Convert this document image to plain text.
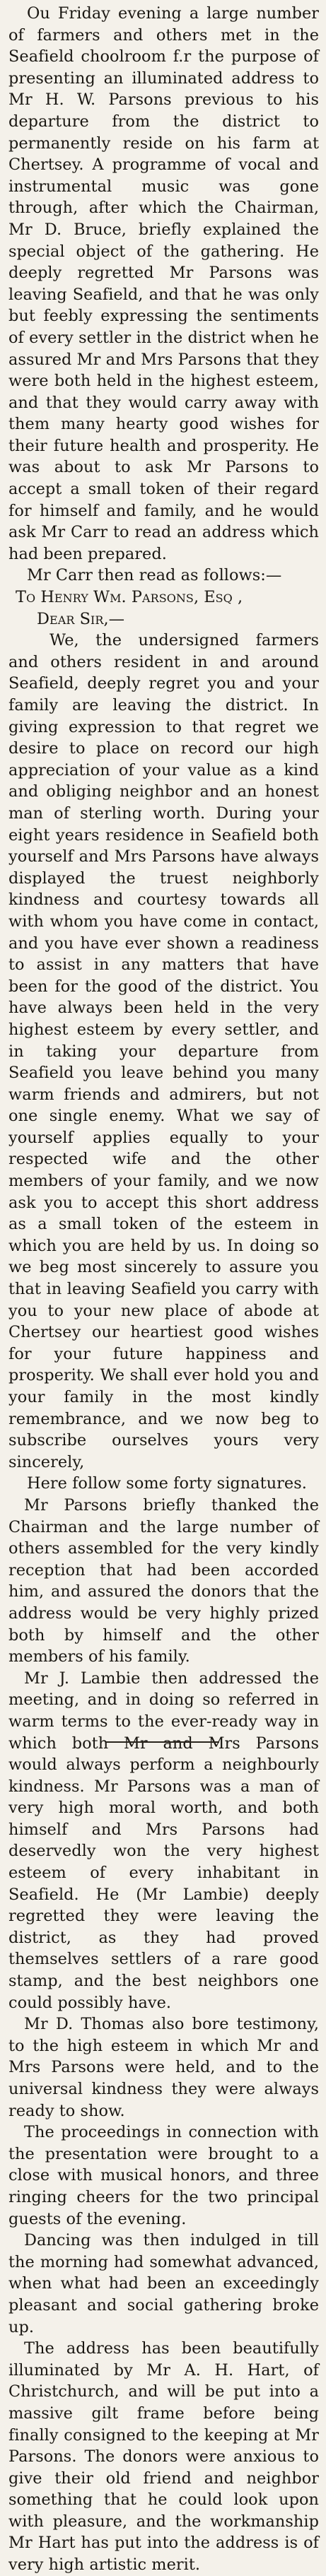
Ou Friday evening a large number of farmers and others met in the Seafield choolroom f.r the purpose of presenting an illuminated address to Mr H. W. Parsons previous to his departure from the district to permanently reside on his farm at Chertsey. A programme of vocal and instrumental music was gone through, after which the Chairman, Mr D. Bruce, briefly explained the special object of the gathering. He deeply regretted Mr Parsons was leaving Seafield, and that he was only but feebly expressing the sentiments of every settler in the district when he assured Mr and Mrs Parsons that they were both held in the highest esteem, and that they would carry away with them many hearty good wishes for their future health and prosperity. He was about to ask Mr Parsons to accept a small token of their regard for himself and family, and he would ask Mr Carr to read an address which had been prepared.

Mr Carr then read as follows:—

To Henry Wm. Parsons, Esq ,

Dear Sir,—

We, the undersigned farmers and others resident in and around Seafield, deeply regret you and your family are leaving the district. In giving expression to that regret we desire to place on record our high appreciation of your value as a kind and obliging neighbor and an honest man of sterling worth. During your eight years residence in Seafield both yourself and Mrs Parsons have always displayed the truest neighborly kindness and courtesy towards all with whom you have come in contact, and you have ever shown a readiness to assist in any matters that have been for the good of the district. You have always been held in the very highest esteem by every settler, and in taking your departure from Seafield you leave behind you many warm friends and admirers, but not one single enemy. What we say of yourself applies equally to your respected wife and the other members of your family, and we now ask you to accept this short address as a small token of the esteem in which you are held by us. In doing so we beg most sincerely to assure you that in leaving Seafield you carry with you to your new place of abode at Chertsey our heartiest good wishes for your future happiness and prosperity. We shall ever hold you and your family in the most kindly remembrance, and we now beg to subscribe ourselves yours very sincerely,

Here follow some forty signatures.

Mr Parsons briefly thanked the Chairman and the large number of others assembled for the very kindly reception that had been accorded him, and assured the donors that the address would be very highly prized both by himself and the other members of his family.

Mr J. Lambie then addressed the meeting, and in doing so referred in warm terms to the ever-ready way in which both Mr and Mrs Parsons would always perform a neighbourly kindness. Mr Parsons was a man of very high moral worth, and both himself and Mrs Parsons had deservedly won the very highest esteem of every inhabitant in Seafield. He (Mr Lambie) deeply regretted they were leaving the district, as they had proved themselves settlers of a rare good stamp, and the best neighbors one could possibly have.

Mr D. Thomas also bore testimony, to the high esteem in which Mr and Mrs Parsons were held, and to the universal kindness they were always ready to show.

The proceedings in connection with the presentation were brought to a close with musical honors, and three ringing cheers for the two principal guests of the evening.

Dancing was then indulged in till the morning had somewhat advanced, when what had been an exceedingly pleasant and social gathering broke up.

The address has been beautifully illuminated by Mr A. H. Hart, of Christchurch, and will be put into a massive gilt frame before being finally consigned to the keeping at Mr Parsons. The donors were anxious to give their old friend and neighbor something that he could look upon with pleasure, and the workmanship Mr Hart has put into the address is of very high artistic merit.
